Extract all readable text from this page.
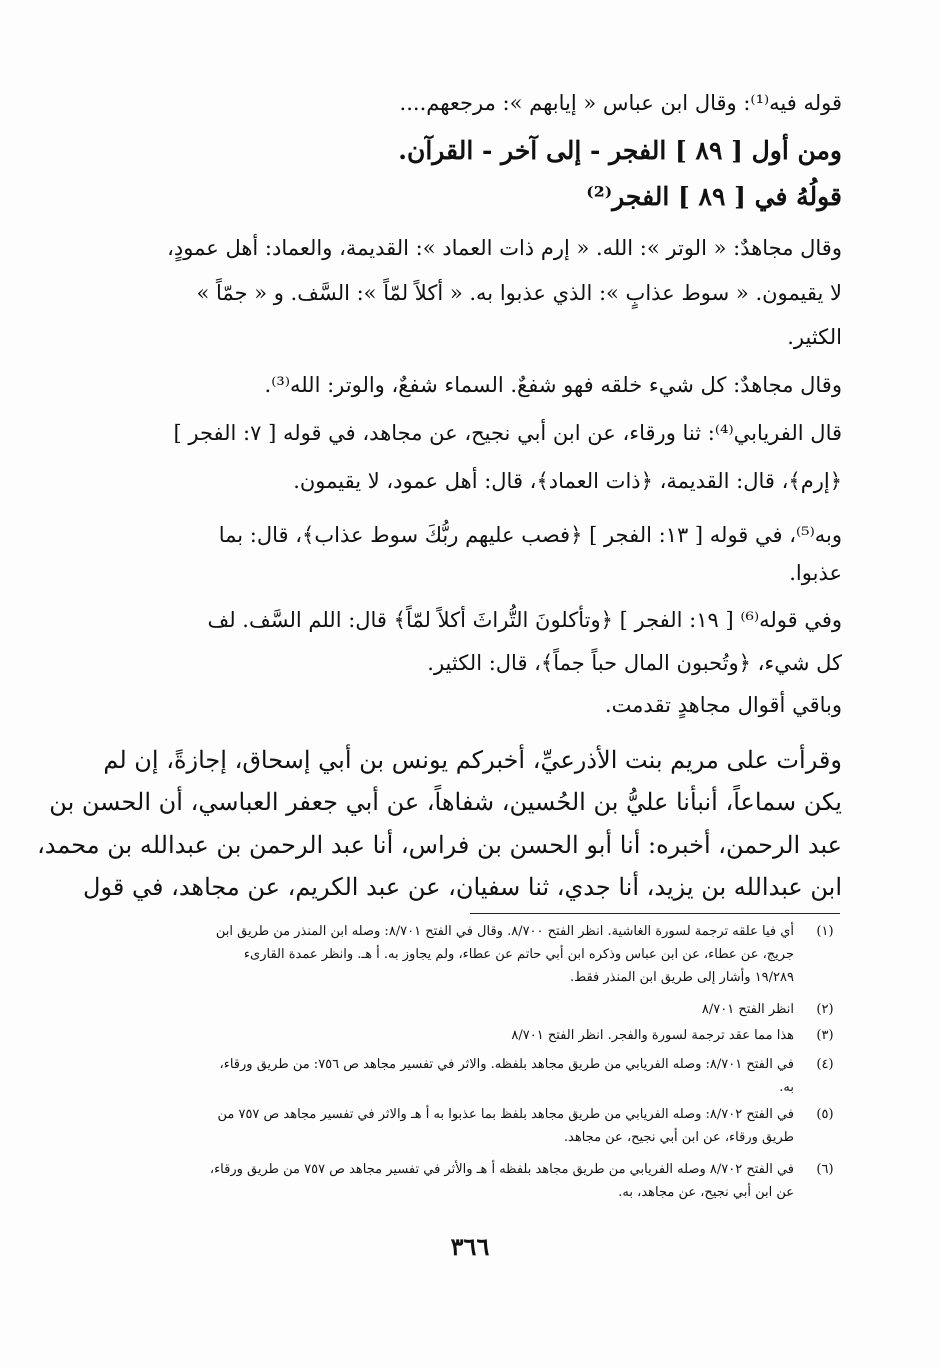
قوله فيه⁽¹⁾: وقال ابن عباس « إيابهم »: مرجعهم....
ومن أول [ ٨٩ ] الفجر - إلى آخر - القرآن.
قولُهُ في [ ٨٩ ] الفجر⁽²⁾
وقال مجاهدٌ: « الوتر »: الله. « إرم ذات العماد »: القديمة، والعماد: أهل عمودٍ،
لا يقيمون. « سوط عذابٍ »: الذي عذبوا به. « أكلاً لمّاً »: السَّف. و « جمّاً »
الكثير.
وقال مجاهدٌ: كل شيء خلقه فهو شفعٌ. السماء شفعٌ، والوتر: الله⁽³⁾.
قال الفريابي⁽⁴⁾: ثنا ورقاء، عن ابن أبي نجيح، عن مجاهد، في قوله [ ٧: الفجر ]
﴿إرم﴾، قال: القديمة، ﴿ذات العماد﴾، قال: أهل عمود، لا يقيمون.
وبه⁽⁵⁾، في قوله [ ١٣: الفجر ] ﴿فصب عليهم ربُّكَ سوط عذاب﴾، قال: بما
عذبوا.
وفي قوله⁽⁶⁾ [ ١٩: الفجر ] ﴿وتأكلونَ التُّراثَ أكلاً لمّاً﴾ قال: اللم السَّف. لف
كل شيء، ﴿وتُحبون المال حباً جماً﴾، قال: الكثير.
وباقي أقوال مجاهدٍ تقدمت.
وقرأت على مريم بنت الأذرعيِّ، أخبركم يونس بن أبي إسحاق، إجازةً، إن لم
يكن سماعاً، أنبأنا عليُّ بن الحُسين، شفاهاً، عن أبي جعفر العباسي، أن الحسن بن
عبد الرحمن، أخبره: أنا أبو الحسن بن فراس، أنا عبد الرحمن بن عبدالله بن محمد،
ابن عبدالله بن يزيد، أنا جدي، ثنا سفيان، عن عبد الكريم، عن مجاهد، في قول
(١)
أي فيا علقه ترجمة لسورة الغاشية. انظر الفتح ٨/٧٠٠. وقال في الفتح ٨/٧٠١: وصله ابن المنذر من طريق ابن
جريج، عن عطاء، عن ابن عباس وذكره ابن أبي حاتم عن عطاء، ولم يجاوز به. أ هـ. وانظر عمدة القارىء
١٩/٢٨٩ وأشار إلى طريق ابن المنذر فقط.
(٢)
انظر الفتح ٨/٧٠١
(٣)
هذا مما عقد ترجمة لسورة والفجر. انظر الفتح ٨/٧٠١
(٤)
في الفتح ٨/٧٠١: وصله الفريابي من طريق مجاهد بلفظه. والاثر في تفسير مجاهد ص ٧٥٦: من طريق ورقاء،
به.
(٥)
في الفتح ٨/٧٠٢: وصله الفريابي من طريق مجاهد بلفظ بما عذبوا به أ هـ والاثر في تفسير مجاهد ص ٧٥٧ من
طريق ورقاء، عن ابن أبي نجيح، عن مجاهد.
(٦)
في الفتح ٨/٧٠٢ وصله الفريابي من طريق مجاهد بلفظه أ هـ والأثر في تفسير مجاهد ص ٧٥٧ من طريق ورقاء،
عن ابن أبي نجيح، عن مجاهد، به.
٣٦٦
